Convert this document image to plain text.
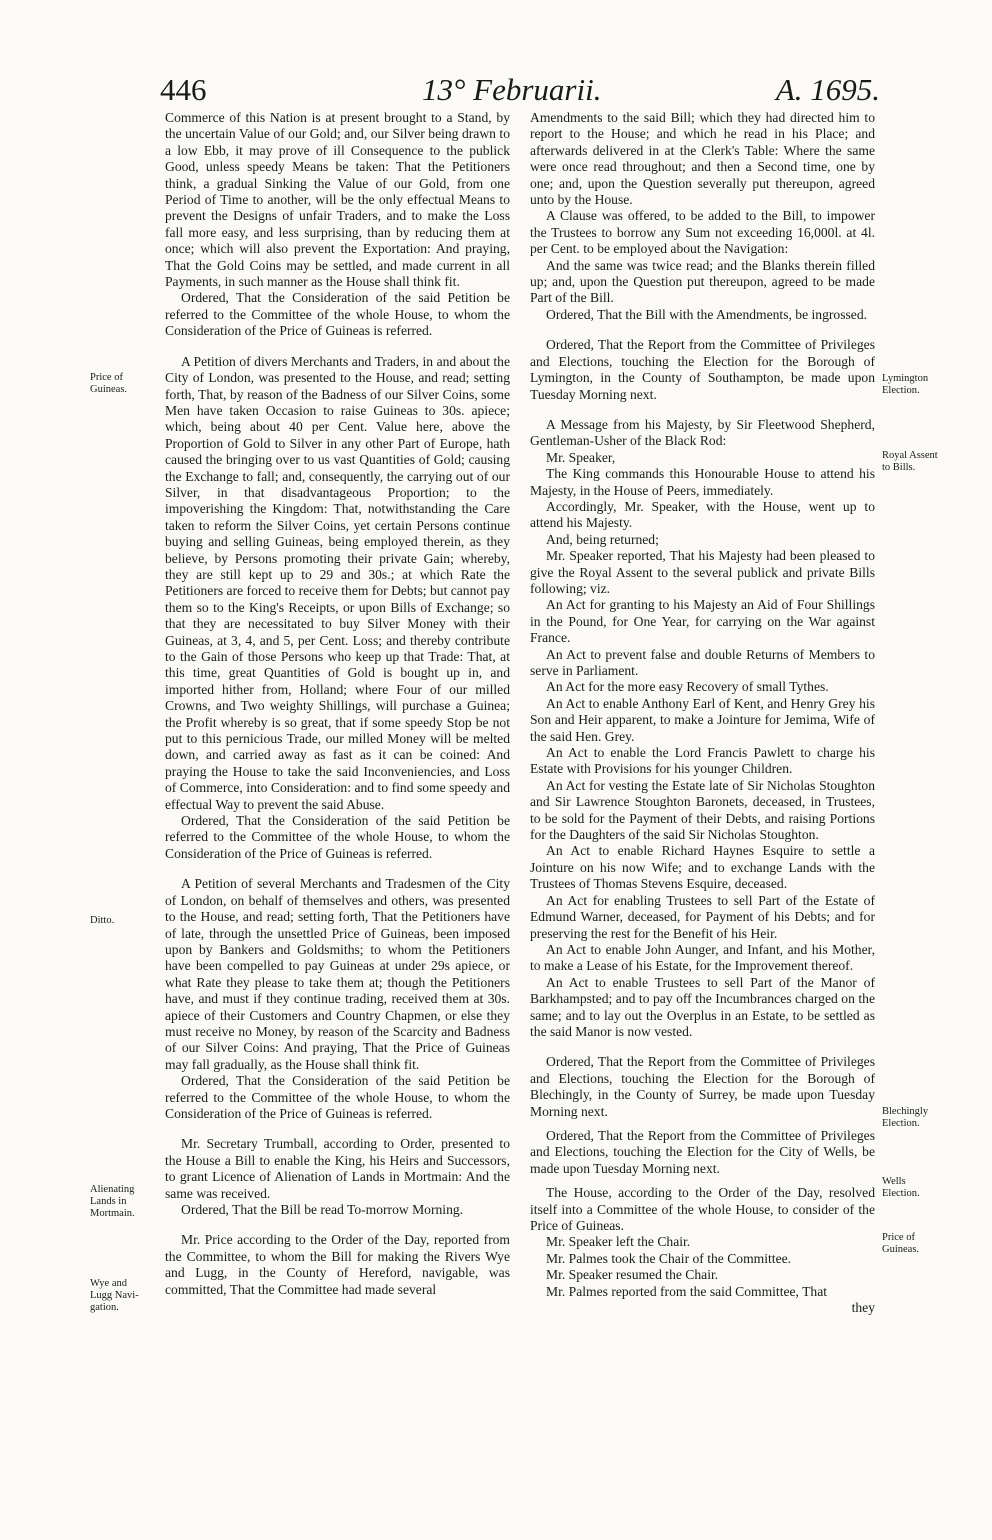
446	13° Februarii.	A. 1695.

Commerce of this Nation is at present brought to a Stand, by the uncertain Value of our Gold; and, our Silver being drawn to a low Ebb, it may prove of ill Consequence to the publick Good, unless speedy Means be taken: That the Petitioners think, a gradual Sinking the Value of our Gold, from one Period of Time to another, will be the only effectual Means to prevent the Designs of unfair Traders, and to make the Loss fall more easy, and less surprising, than by reducing them at once; which will also prevent the Exportation: And praying, That the Gold Coins may be settled, and made current in all Payments, in such manner as the House shall think fit.

Ordered, That the Consideration of the said Petition be referred to the Committee of the whole House, to whom the Consideration of the Price of Guineas is referred.

A Petition of divers Merchants and Traders, in and about the City of London, was presented to the House, and read; setting forth, That, by reason of the Badness of our Silver Coins, some Men have taken Occasion to raise Guineas to 30s. apiece; which, being about 40 per Cent. Value here, above the Proportion of Gold to Silver in any other Part of Europe, hath caused the bringing over to us vast Quantities of Gold; causing the Exchange to fall; and, consequently, the carrying out of our Silver, in that disadvantageous Proportion; to the impoverishing the Kingdom: That, notwithstanding the Care taken to reform the Silver Coins, yet certain Persons continue buying and selling Guineas, being employed therein, as they believe, by Persons promoting their private Gain; whereby, they are still kept up to 29 and 30s.; at which Rate the Petitioners are forced to receive them for Debts; but cannot pay them so to the King's Receipts, or upon Bills of Exchange; so that they are necessitated to buy Silver Money with their Guineas, at 3, 4, and 5, per Cent. Loss; and thereby contribute to the Gain of those Persons who keep up that Trade: That, at this time, great Quantities of Gold is bought up in, and imported hither from, Holland; where Four of our milled Crowns, and Two weighty Shillings, will purchase a Guinea; the Profit whereby is so great, that if some speedy Stop be not put to this pernicious Trade, our milled Money will be melted down, and carried away as fast as it can be coined: And praying the House to take the said Inconveniencies, and Loss of Commerce, into Consideration: and to find some speedy and effectual Way to prevent the said Abuse.

Ordered, That the Consideration of the said Petition be referred to the Committee of the whole House, to whom the Consideration of the Price of Guineas is referred.

A Petition of several Merchants and Tradesmen of the City of London, on behalf of themselves and others, was presented to the House, and read; setting forth, That the Petitioners have of late, through the unsettled Price of Guineas, been imposed upon by Bankers and Goldsmiths; to whom the Petitioners have been compelled to pay Guineas at under 29s apiece, or what Rate they please to take them at; though the Petitioners have, and must if they continue trading, received them at 30s. apiece of their Customers and Country Chapmen, or else they must receive no Money, by reason of the Scarcity and Badness of our Silver Coins: And praying, That the Price of Guineas may fall gradually, as the House shall think fit.

Ordered, That the Consideration of the said Petition be referred to the Committee of the whole House, to whom the Consideration of the Price of Guineas is referred.

Mr. Secretary Trumball, according to Order, presented to the House a Bill to enable the King, his Heirs and Successors, to grant Licence of Alienation of Lands in Mortmain: And the same was received.

Ordered, That the Bill be read To-morrow Morning.

Mr. Price according to the Order of the Day, reported from the Committee, to whom the Bill for making the Rivers Wye and Lugg, in the County of Hereford, navigable, was committed, That the Committee had made several

Amendments to the said Bill; which they had directed him to report to the House; and which he read in his Place; and afterwards delivered in at the Clerk's Table: Where the same were once read throughout; and then a Second time, one by one; and, upon the Question severally put thereupon, agreed unto by the House.

A Clause was offered, to be added to the Bill, to impower the Trustees to borrow any Sum not exceeding 16,000l. at 4l. per Cent. to be employed about the Navigation:

And the same was twice read; and the Blanks therein filled up; and, upon the Question put thereupon, agreed to be made Part of the Bill.

Ordered, That the Bill with the Amendments, be ingrossed.

Ordered, That the Report from the Committee of Privileges and Elections, touching the Election for the Borough of Lymington, in the County of Southampton, be made upon Tuesday Morning next.

A Message from his Majesty, by Sir Fleetwood Shepherd, Gentleman-Usher of the Black Rod:

Mr. Speaker,

The King commands this Honourable House to attend his Majesty, in the House of Peers, immediately.

Accordingly, Mr. Speaker, with the House, went up to attend his Majesty.

And, being returned;

Mr. Speaker reported, That his Majesty had been pleased to give the Royal Assent to the several publick and private Bills following; viz.

An Act for granting to his Majesty an Aid of Four Shillings in the Pound, for One Year, for carrying on the War against France.

An Act to prevent false and double Returns of Members to serve in Parliament.

An Act for the more easy Recovery of small Tythes.

An Act to enable Anthony Earl of Kent, and Henry Grey his Son and Heir apparent, to make a Jointure for Jemima, Wife of the said Hen. Grey.

An Act to enable the Lord Francis Pawlett to charge his Estate with Provisions for his younger Children.

An Act for vesting the Estate late of Sir Nicholas Stoughton and Sir Lawrence Stoughton Baronets, deceased, in Trustees, to be sold for the Payment of their Debts, and raising Portions for the Daughters of the said Sir Nicholas Stoughton.

An Act to enable Richard Haynes Esquire to settle a Jointure on his now Wife; and to exchange Lands with the Trustees of Thomas Stevens Esquire, deceased.

An Act for enabling Trustees to sell Part of the Estate of Edmund Warner, deceased, for Payment of his Debts; and for preserving the rest for the Benefit of his Heir.

An Act to enable John Aunger, and Infant, and his Mother, to make a Lease of his Estate, for the Improvement thereof.

An Act to enable Trustees to sell Part of the Manor of Barkhampsted; and to pay off the Incumbrances charged on the same; and to lay out the Overplus in an Estate, to be settled as the said Manor is now vested.

Ordered, That the Report from the Committee of Privileges and Elections, touching the Election for the Borough of Blechingly, in the County of Surrey, be made upon Tuesday Morning next.

Ordered, That the Report from the Committee of Privileges and Elections, touching the Election for the City of Wells, be made upon Tuesday Morning next.

The House, according to the Order of the Day, resolved itself into a Committee of the whole House, to consider of the Price of Guineas.

Mr. Speaker left the Chair.

Mr. Palmes took the Chair of the Committee.

Mr. Speaker resumed the Chair.

Mr. Palmes reported from the said Committee, That

they

Price of
Guineas.
Ditto.
Alienating
Lands in
Mortmain.
Wye and
Lugg Navi-
gation.
Lymington
Election.
Royal Assent
to Bills.
Blechingly
Election.
Wells
Election.
Price of
Guineas.
